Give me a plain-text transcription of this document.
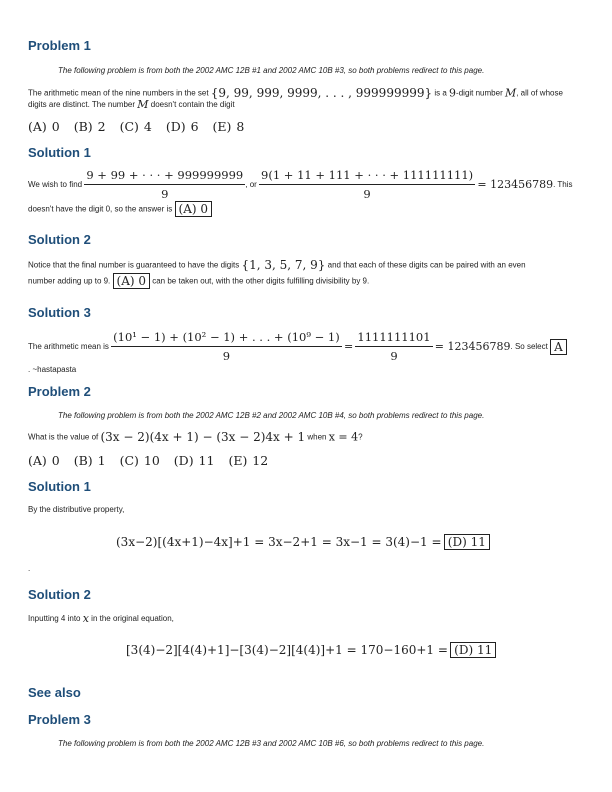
Problem 1

The following problem is from both the 2002 AMC 12B #1 and 2002 AMC 10B #3, so both problems redirect to this page.

The arithmetic mean of the nine numbers in the set {9, 99, 999, 9999, . . . , 999999999} is a 9-digit number M, all of whose
digits are distinct. The number M doesn't contain the digit
(A) 0 (B) 2 (C) 4 (D) 6 (E) 8
Solution 1
We wish to find $\frac{9 + 99 + \cdot \cdot \cdot + 999999999}{9}$ , or $\frac{9(1 + 11 + 111 + \cdot \cdot \cdot + 111111111)}{9} = 123456789$. This
doesn't have the digit 0, so the answer is (A) 0
Solution 2
Notice that the final number is guaranteed to have the digits {1, 3, 5, 7, 9} and that each of these digits can be paired with an even
number adding up to 9. (A) 0 can be taken out, with the other digits fulfilling divisibility by 9.
Solution 3
The arithmetic mean is $\frac{\text{(10¹ − 1) + (10² − 1) + . . . + (10⁹ − 1)}}{9} = \frac{1111111101}{9} = 123456789$. So select A
. ~hastapasta
Problem 2

The following problem is from both the 2002 AMC 12B #2 and 2002 AMC 10B #4, so both problems redirect to this page.

What is the value of (3x − 2)(4x + 1) − (3x − 2)4x + 1 when x = 4?
(A) 0 (B) 1 (C) 10 (D) 11 (E) 12
Solution 1
By the distributive property,
(3x−2)[(4x+1)−4x]+1 = 3x−2+1 = 3x−1 = 3(4)−1 = (D) 11
.
Solution 2
Inputting 4 into x in the original equation,
[3(4)−2][4(4)+1]−[3(4)−2][4(4)]+1 = 170−160+1 = (D) 11
See also
Problem 3

The following problem is from both the 2002 AMC 12B #3 and 2002 AMC 10B #6, so both problems redirect to this page.
